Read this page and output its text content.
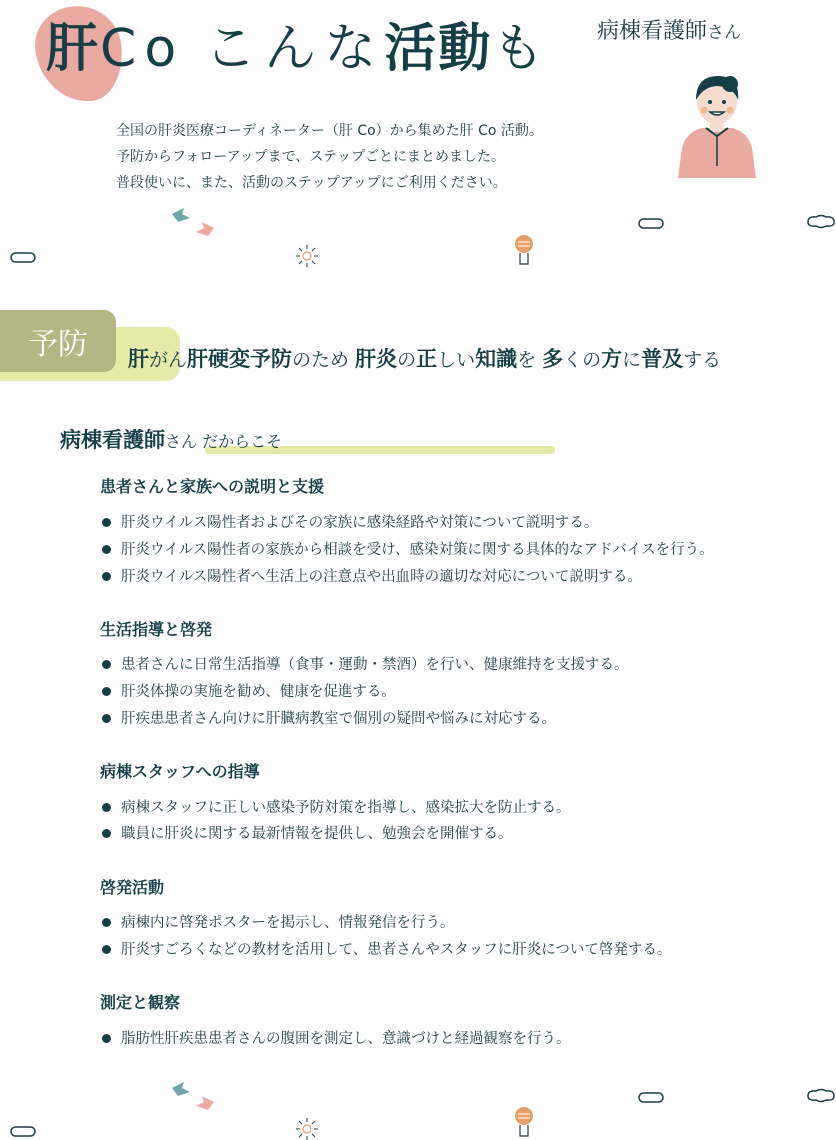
肝Co こんな活動も 病棟看護師さん
全国の肝炎医療コーディネーター（肝 Co）から集めた肝 Co 活動。
予防からフォローアップまで、ステップごとにまとめました。
普段使いに、また、活動のステップアップにご利用ください。
予防	肝がん肝硬変予防のため 肝炎の正しい知識を 多くの方に普及する
病棟看護師さん だからこそ
患者さんと家族への説明と支援
肝炎ウイルス陽性者およびその家族に感染経路や対策について説明する。
肝炎ウイルス陽性者の家族から相談を受け、感染対策に関する具体的なアドバイスを行う。
肝炎ウイルス陽性者へ生活上の注意点や出血時の適切な対応について説明する。
生活指導と啓発
患者さんに日常生活指導（食事・運動・禁酒）を行い、健康維持を支援する。
肝炎体操の実施を勧め、健康を促進する。
肝疾患患者さん向けに肝臓病教室で個別の疑問や悩みに対応する。
病棟スタッフへの指導
病棟スタッフに正しい感染予防対策を指導し、感染拡大を防止する。
職員に肝炎に関する最新情報を提供し、勉強会を開催する。
啓発活動
病棟内に啓発ポスターを掲示し、情報発信を行う。
肝炎すごろくなどの教材を活用して、患者さんやスタッフに肝炎について啓発する。
測定と観察
脂肪性肝疾患患者さんの腹囲を測定し、意識づけと経過観察を行う。
